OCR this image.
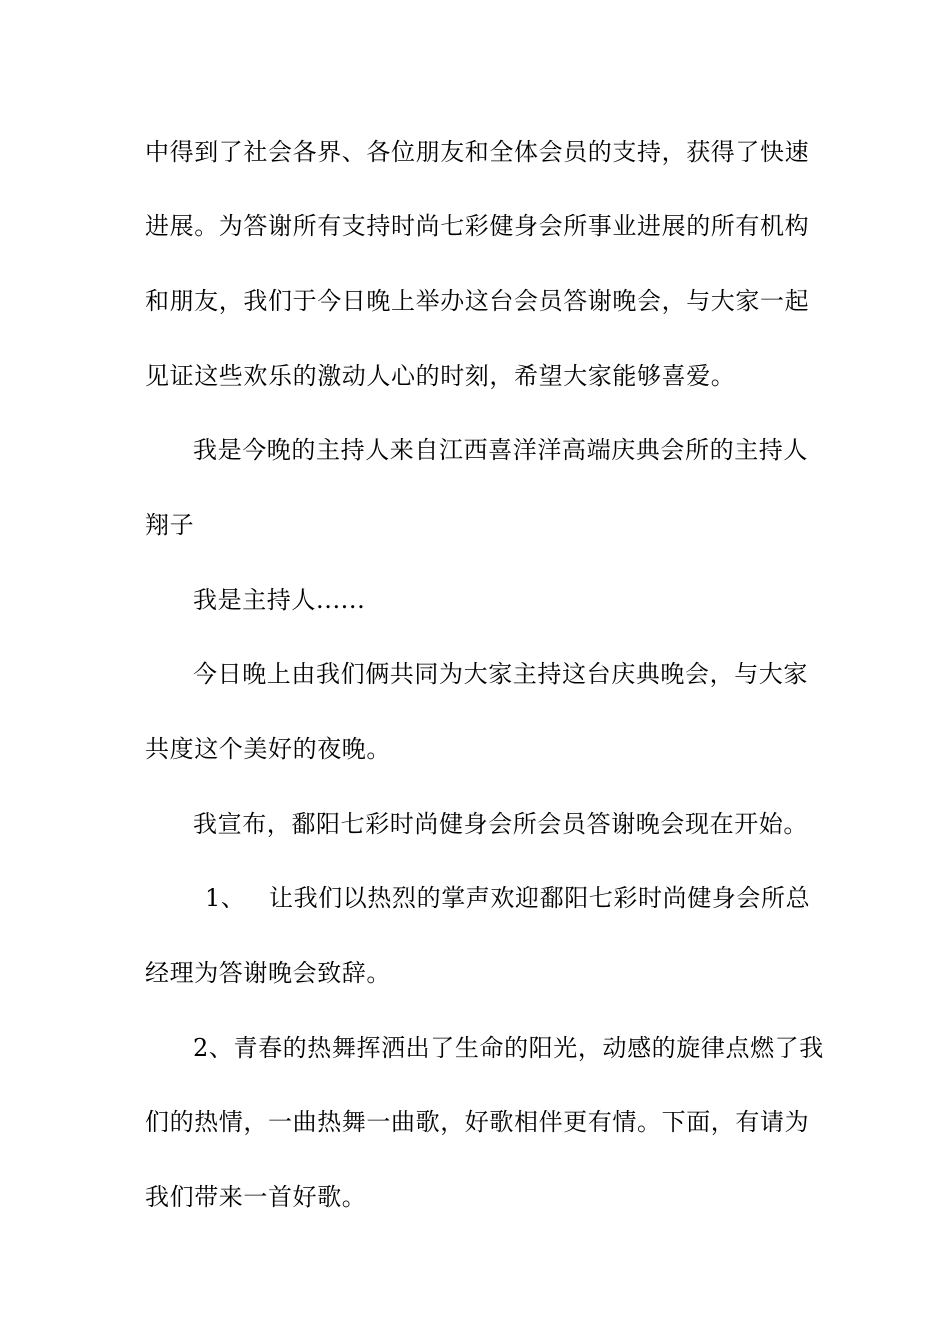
中得到了社会各界、各位朋友和全体会员的支持，获得了快速
进展。为答谢所有支持时尚七彩健身会所事业进展的所有机构
和朋友，我们于今日晚上举办这台会员答谢晚会，与大家一起
见证这些欢乐的激动人心的时刻，希望大家能够喜爱。
我是今晚的主持人来自江西喜洋洋高端庆典会所的主持人
翔子
我是主持人......
今日晚上由我们俩共同为大家主持这台庆典晚会，与大家
共度这个美好的夜晚。
我宣布，鄱阳七彩时尚健身会所会员答谢晚会现在开始。
1、 让我们以热烈的掌声欢迎鄱阳七彩时尚健身会所总
经理为答谢晚会致辞。
2、青春的热舞挥洒出了生命的阳光，动感的旋律点燃了我
们的热情，一曲热舞一曲歌，好歌相伴更有情。下面，有请为
我们带来一首好歌。
